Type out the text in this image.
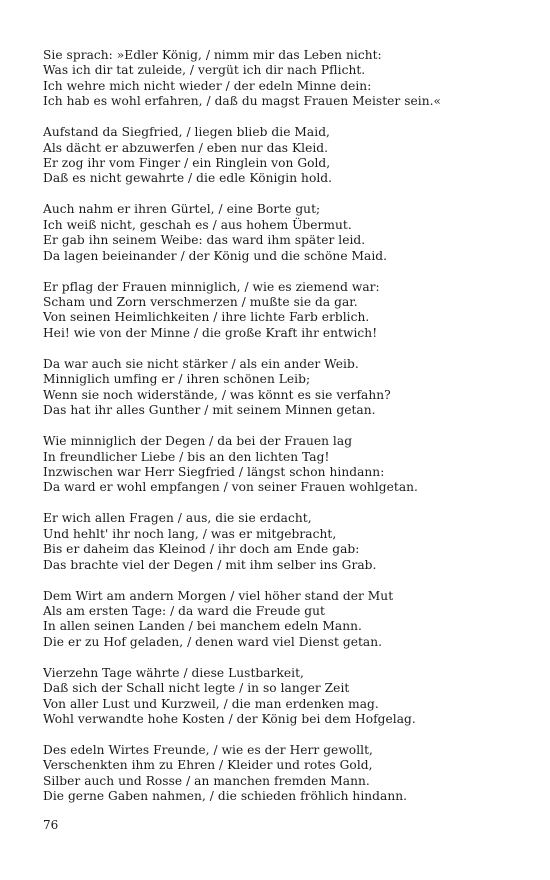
Sie sprach: »Edler König, / nimm mir das Leben nicht:
Was ich dir tat zuleide, / vergüt ich dir nach Pflicht.
Ich wehre mich nicht wieder / der edeln Minne dein:
Ich hab es wohl erfahren, / daß du magst Frauen Meister sein.«
Aufstand da Siegfried, / liegen blieb die Maid,
Als dächt er abzuwerfen / eben nur das Kleid.
Er zog ihr vom Finger / ein Ringlein von Gold,
Daß es nicht gewahrte / die edle Königin hold.
Auch nahm er ihren Gürtel, / eine Borte gut;
Ich weiß nicht, geschah es / aus hohem Übermut.
Er gab ihn seinem Weibe: das ward ihm später leid.
Da lagen beieinander / der König und die schöne Maid.
Er pflag der Frauen minniglich, / wie es ziemend war:
Scham und Zorn verschmerzen / mußte sie da gar.
Von seinen Heimlichkeiten / ihre lichte Farb erblich.
Hei! wie von der Minne / die große Kraft ihr entwich!
Da war auch sie nicht stärker / als ein ander Weib.
Minniglich umfing er / ihren schönen Leib;
Wenn sie noch widerstände, / was könnt es sie verfahn?
Das hat ihr alles Gunther / mit seinem Minnen getan.
Wie minniglich der Degen / da bei der Frauen lag
In freundlicher Liebe / bis an den lichten Tag!
Inzwischen war Herr Siegfried / längst schon hindann:
Da ward er wohl empfangen / von seiner Frauen wohlgetan.
Er wich allen Fragen / aus, die sie erdacht,
Und hehlt' ihr noch lang, / was er mitgebracht,
Bis er daheim das Kleinod / ihr doch am Ende gab:
Das brachte viel der Degen / mit ihm selber ins Grab.
Dem Wirt am andern Morgen / viel höher stand der Mut
Als am ersten Tage: / da ward die Freude gut
In allen seinen Landen / bei manchem edeln Mann.
Die er zu Hof geladen, / denen ward viel Dienst getan.
Vierzehn Tage währte / diese Lustbarkeit,
Daß sich der Schall nicht legte / in so langer Zeit
Von aller Lust und Kurzweil, / die man erdenken mag.
Wohl verwandte hohe Kosten / der König bei dem Hofgelag.
Des edeln Wirtes Freunde, / wie es der Herr gewollt,
Verschenkten ihm zu Ehren / Kleider und rotes Gold,
Silber auch und Rosse / an manchen fremden Mann.
Die gerne Gaben nahmen, / die schieden fröhlich hindann.
76
